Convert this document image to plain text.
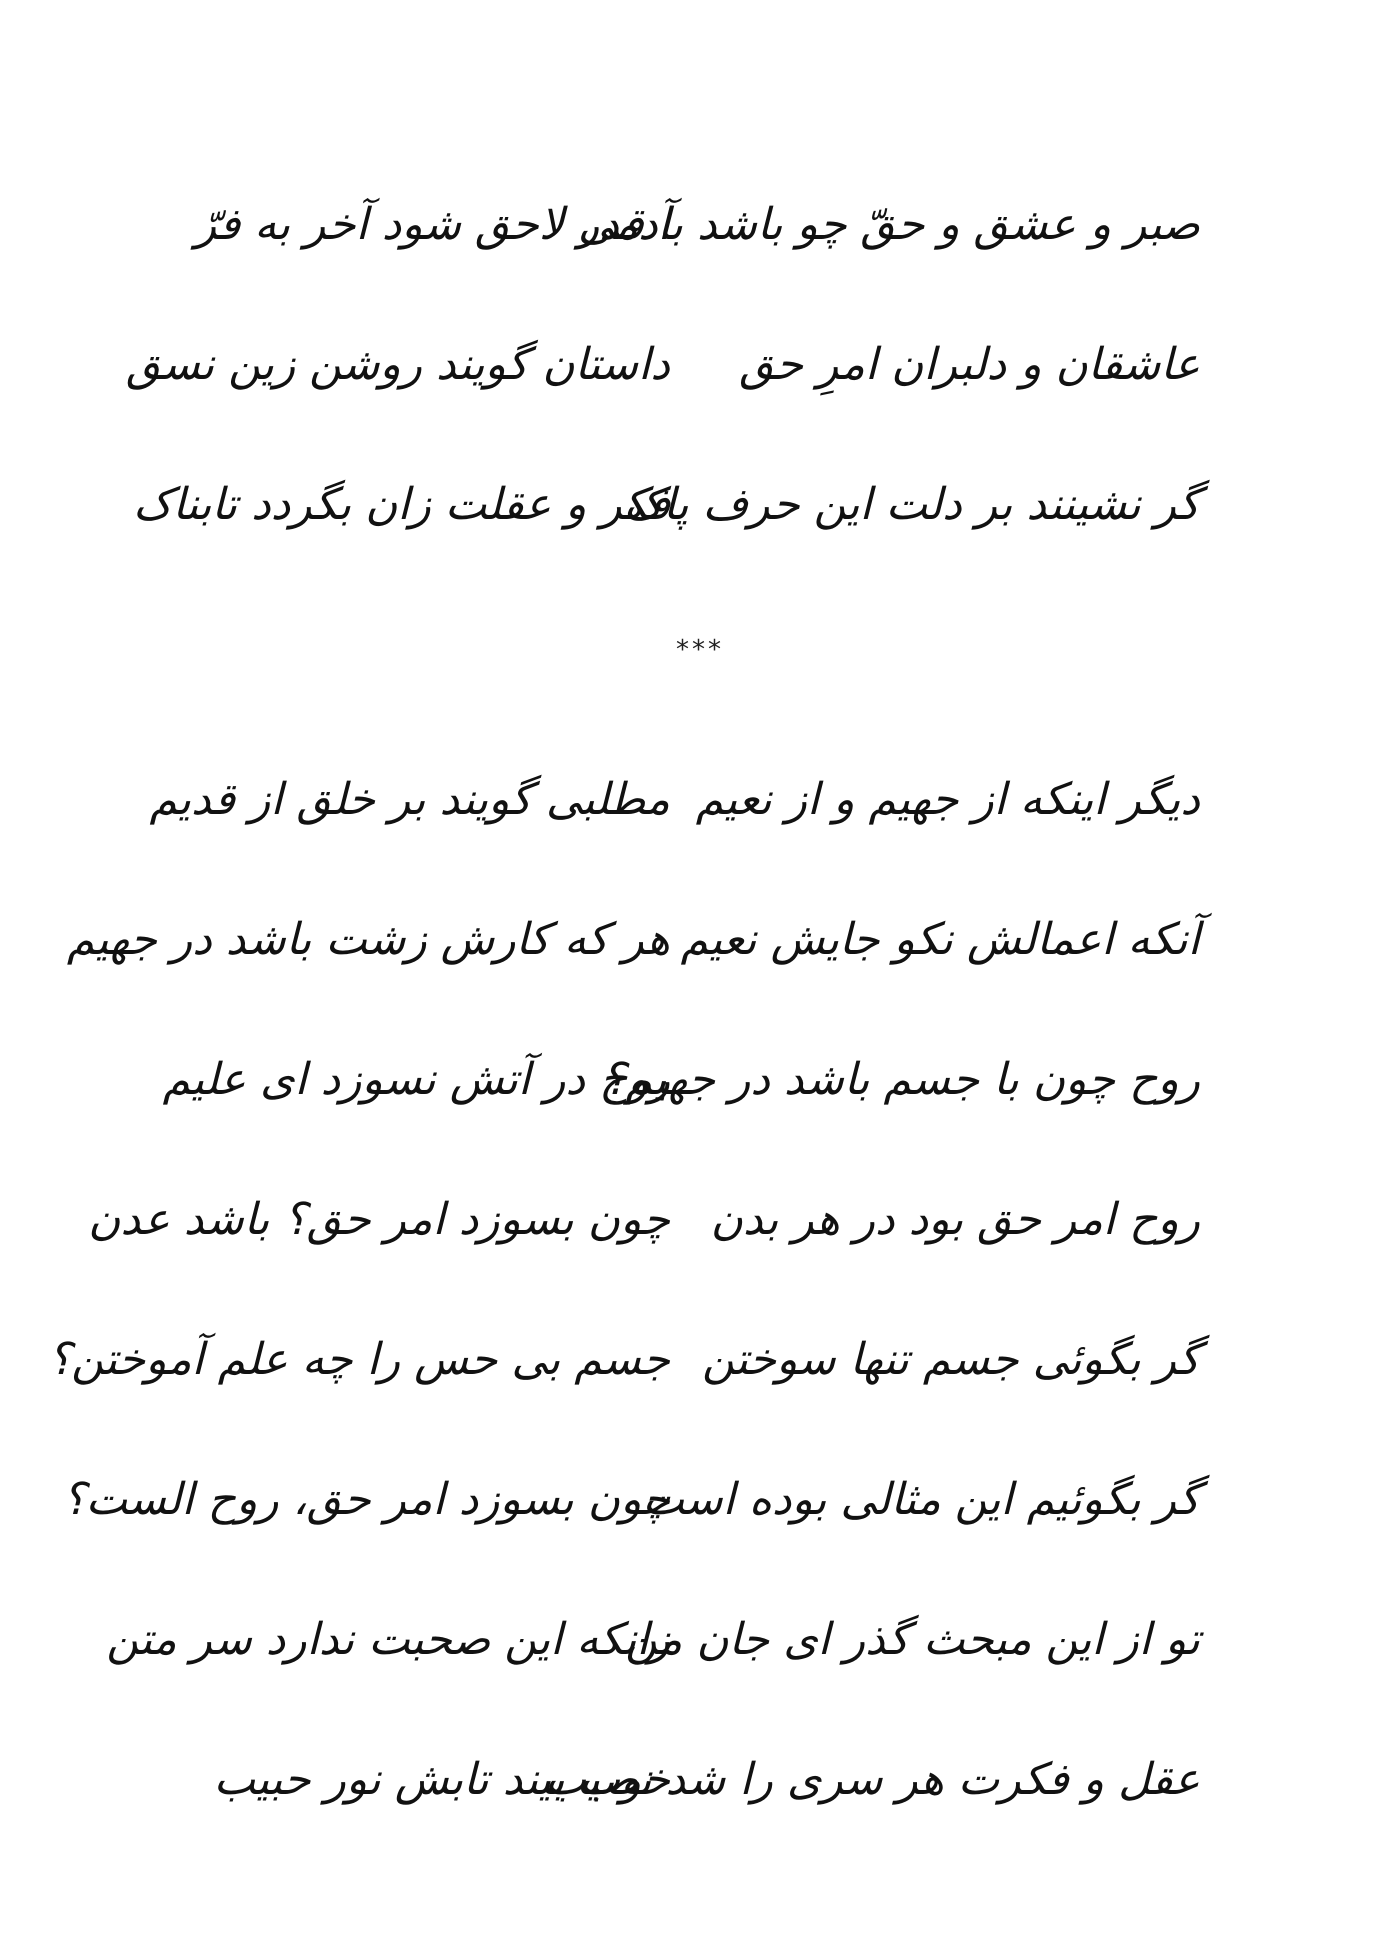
صبر و عشق و حقّ چو باشد با قدر
آدمی لاحق شود آخر به فرّ
عاشقان و دلبران امرِ حق
داستان گویند روشن زین نسق
گر نشینند بر دلت این حرف پاک
فکر و عقلت زان بگردد تابناک
***
دیگر اینکه از جهیم و از نعیم
مطلبی گویند بر خلق از قدیم
آنکه اعمالش نکو جایش نعیم
هر که کارش زشت باشد در جهیم
روح چون با جسم باشد در جهیم؟
روح در آتش نسوزد ای علیم
روح امر حق بود در هر بدن
چون بسوزد امر حق؟ باشد عدن
گر بگوئی جسم تنها سوختن
جسم بی حس را چه علم آموختن؟
گر بگوئیم این مثالی بوده است
چون بسوزد امر حق، روح الست؟
تو از این مبحث گذر ای جان من
زانکه این صحبت ندارد سر متن
عقل و فکرت هر سری را شد نصیب
خوب بیند تابش نور حبیب
